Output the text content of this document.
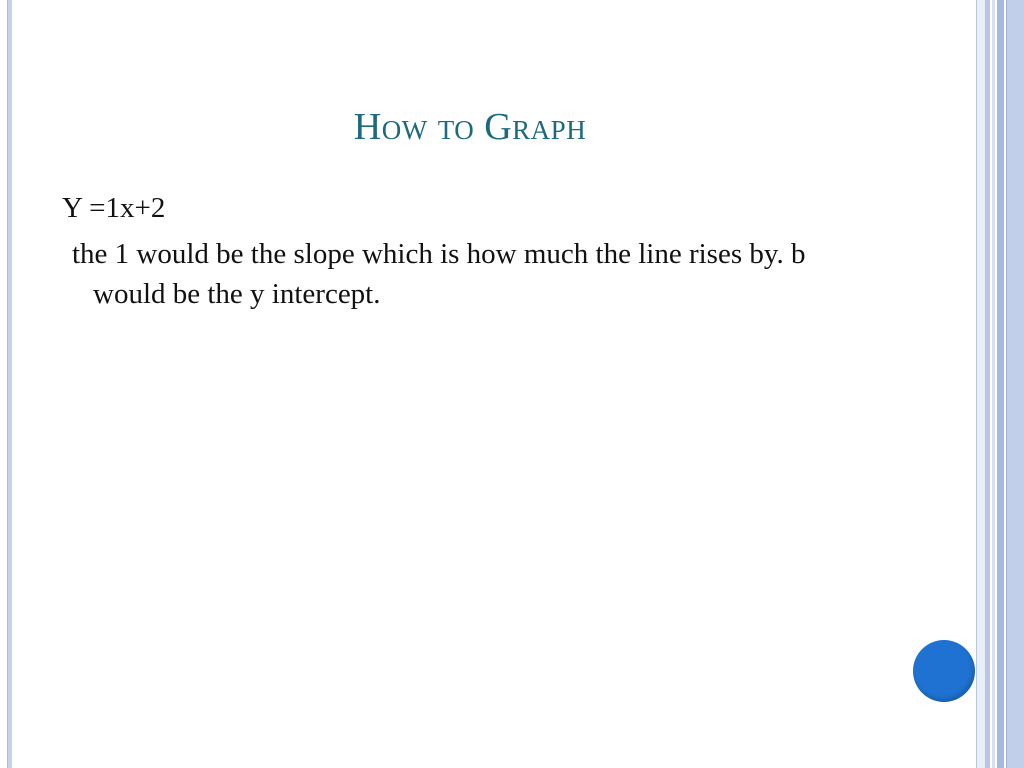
How to Graph

Y =1x+2

the 1 would be the slope which is how much the line rises by. b would be the y intercept.
